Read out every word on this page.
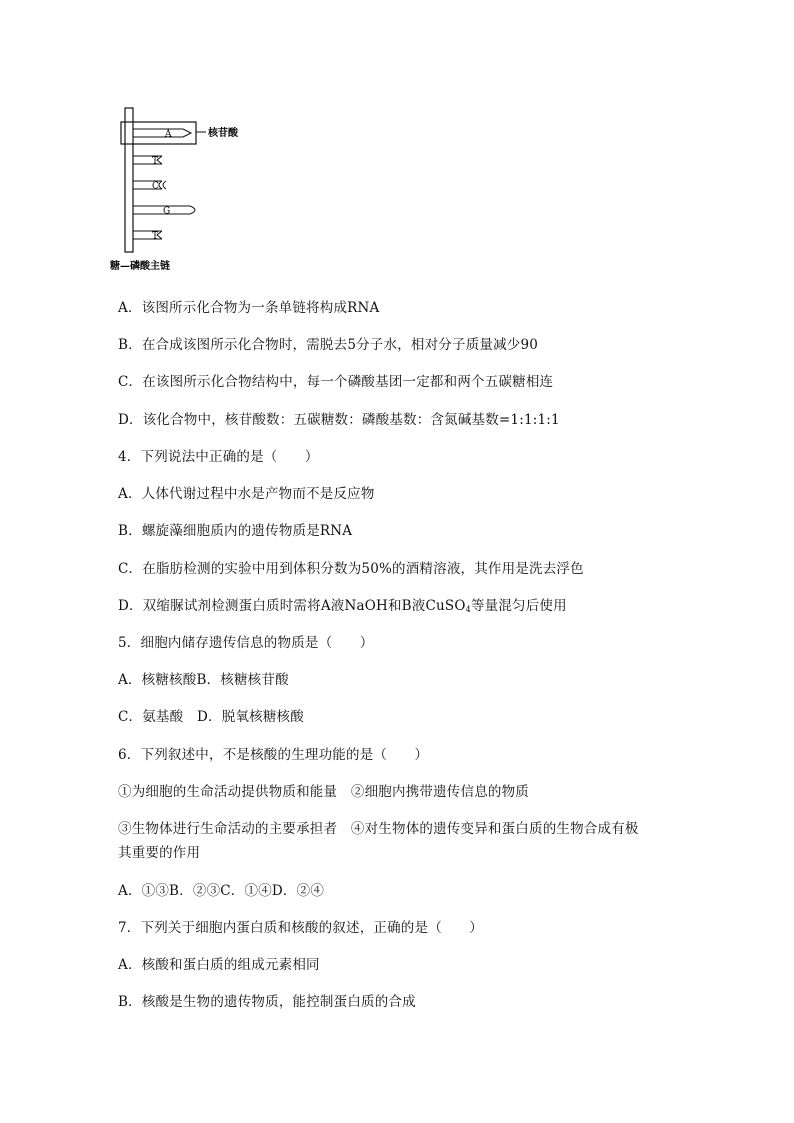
A
T
C
G
T
核苷酸
糖—磷酸主链
A．该图所示化合物为一条单链将构成RNA
B．在合成该图所示化合物时，需脱去5分子水，相对分子质量减少90
C．在该图所示化合物结构中，每一个磷酸基团一定都和两个五碳糖相连
D．该化合物中，核苷酸数：五碳糖数：磷酸基数：含氮碱基数=1:1:1:1
4．下列说法中正确的是（　　）
A．人体代谢过程中水是产物而不是反应物
B．螺旋藻细胞质内的遗传物质是RNA
C．在脂肪检测的实验中用到体积分数为50%的酒精溶液，其作用是洗去浮色
D．双缩脲试剂检测蛋白质时需将A液NaOH和B液CuSO$_4$等量混匀后使用
5．细胞内储存遗传信息的物质是（　　）
A．核糖核酸B．核糖核苷酸
C．氨基酸　D．脱氧核糖核酸
6．下列叙述中，不是核酸的生理功能的是（　　）
①为细胞的生命活动提供物质和能量　②细胞内携带遗传信息的物质
③生物体进行生命活动的主要承担者　④对生物体的遗传变异和蛋白质的生物合成有极
其重要的作用
A．①③B．②③C．①④D．②④
7．下列关于细胞内蛋白质和核酸的叙述，正确的是（　　）
A．核酸和蛋白质的组成元素相同
B．核酸是生物的遗传物质，能控制蛋白质的合成
